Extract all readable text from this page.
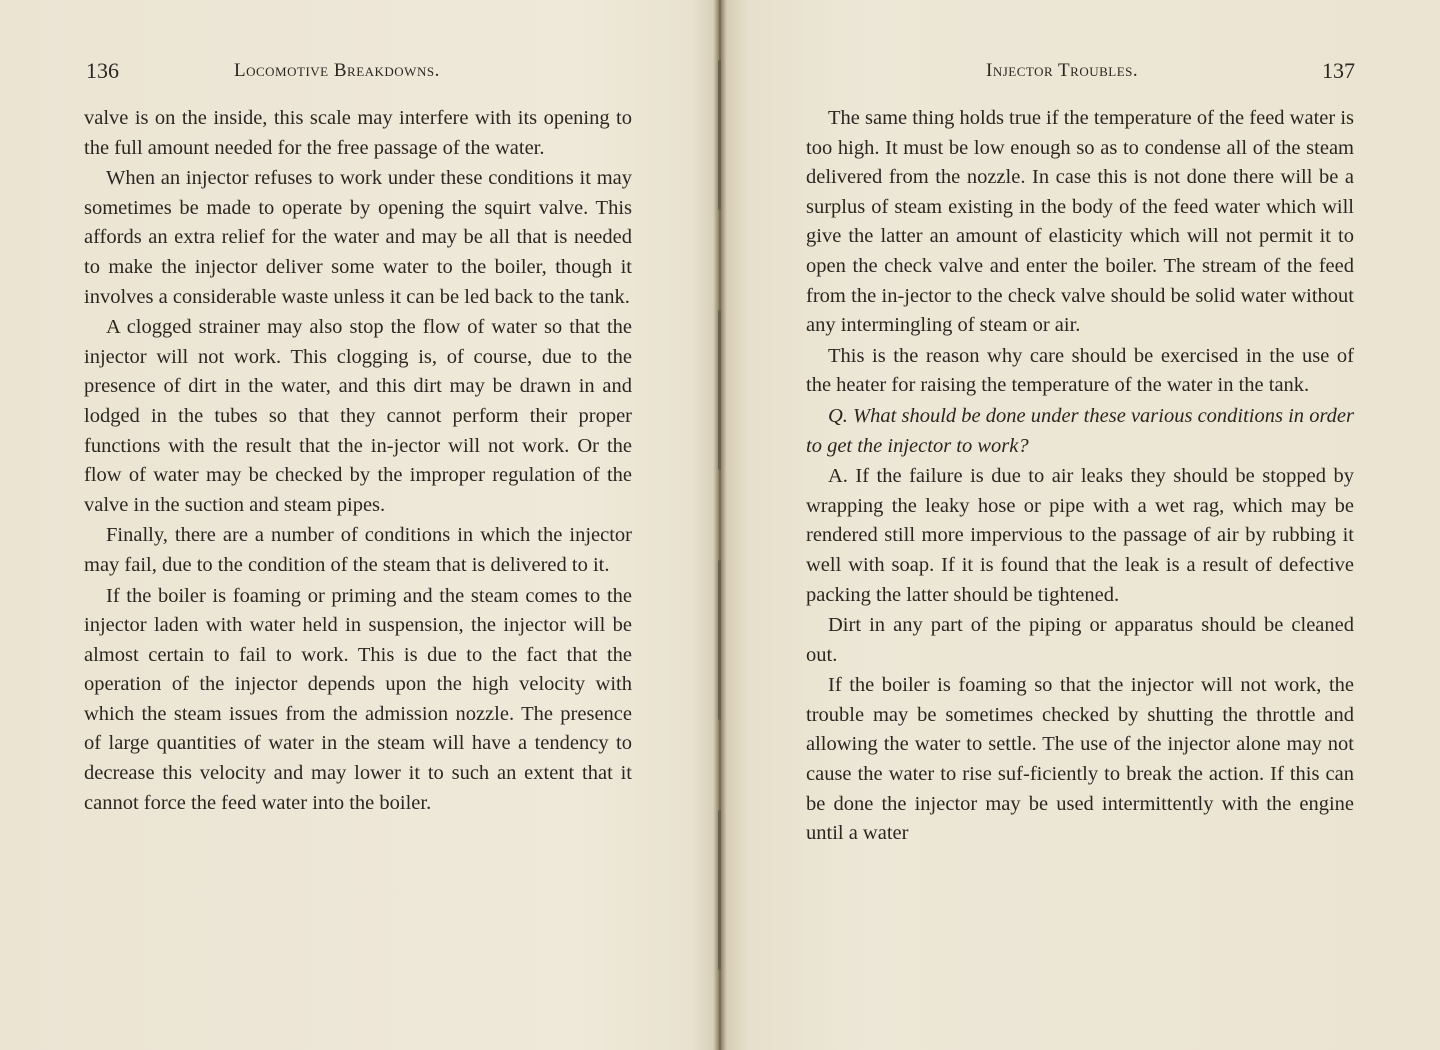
136	Locomotive Breakdowns.

valve is on the inside, this scale may interfere with its opening to the full amount needed for the free passage of the water.

When an injector refuses to work under these conditions it may sometimes be made to operate by opening the squirt valve. This affords an extra relief for the water and may be all that is needed to make the injector deliver some water to the boiler, though it involves a considerable waste unless it can be led back to the tank.

A clogged strainer may also stop the flow of water so that the injector will not work. This clogging is, of course, due to the presence of dirt in the water, and this dirt may be drawn in and lodged in the tubes so that they cannot perform their proper functions with the result that the in-jector will not work. Or the flow of water may be checked by the improper regulation of the valve in the suction and steam pipes.

Finally, there are a number of conditions in which the injector may fail, due to the condition of the steam that is delivered to it.

If the boiler is foaming or priming and the steam comes to the injector laden with water held in suspension, the injector will be almost certain to fail to work. This is due to the fact that the operation of the injector depends upon the high velocity with which the steam issues from the admission nozzle. The presence of large quantities of water in the steam will have a tendency to decrease this velocity and may lower it to such an extent that it cannot force the feed water into the boiler.

Injector Troubles.	137

The same thing holds true if the temperature of the feed water is too high. It must be low enough so as to condense all of the steam delivered from the nozzle. In case this is not done there will be a surplus of steam existing in the body of the feed water which will give the latter an amount of elasticity which will not permit it to open the check valve and enter the boiler. The stream of the feed from the in-jector to the check valve should be solid water without any intermingling of steam or air.

This is the reason why care should be exercised in the use of the heater for raising the temperature of the water in the tank.

Q. What should be done under these various conditions in order to get the injector to work?

A. If the failure is due to air leaks they should be stopped by wrapping the leaky hose or pipe with a wet rag, which may be rendered still more impervious to the passage of air by rubbing it well with soap. If it is found that the leak is a result of defective packing the latter should be tightened.

Dirt in any part of the piping or apparatus should be cleaned out.

If the boiler is foaming so that the injector will not work, the trouble may be sometimes checked by shutting the throttle and allowing the water to settle. The use of the injector alone may not cause the water to rise suf-ficiently to break the action. If this can be done the injector may be used intermittently with the engine until a water
